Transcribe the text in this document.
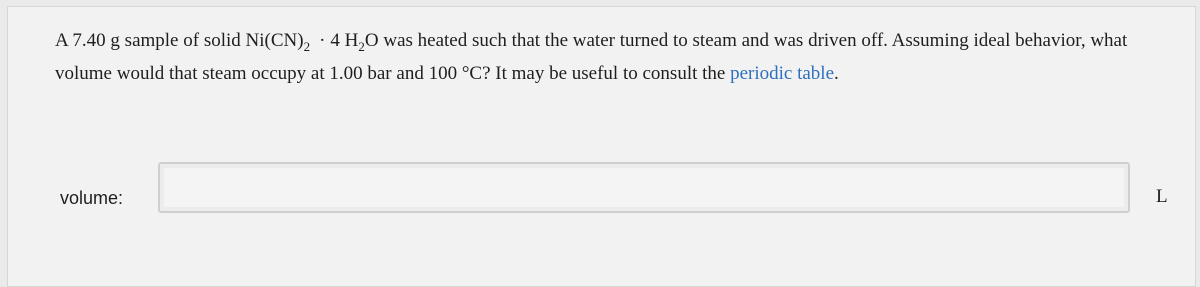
A 7.40 g sample of solid $Ni(CN)_2 \cdot 4$ $H_2O$ was heated such that the water turned to steam and was driven off. Assuming ideal behavior, what volume would that steam occupy at 1.00 bar and 100 °C? It may be useful to consult the periodic table.

volume:	L
